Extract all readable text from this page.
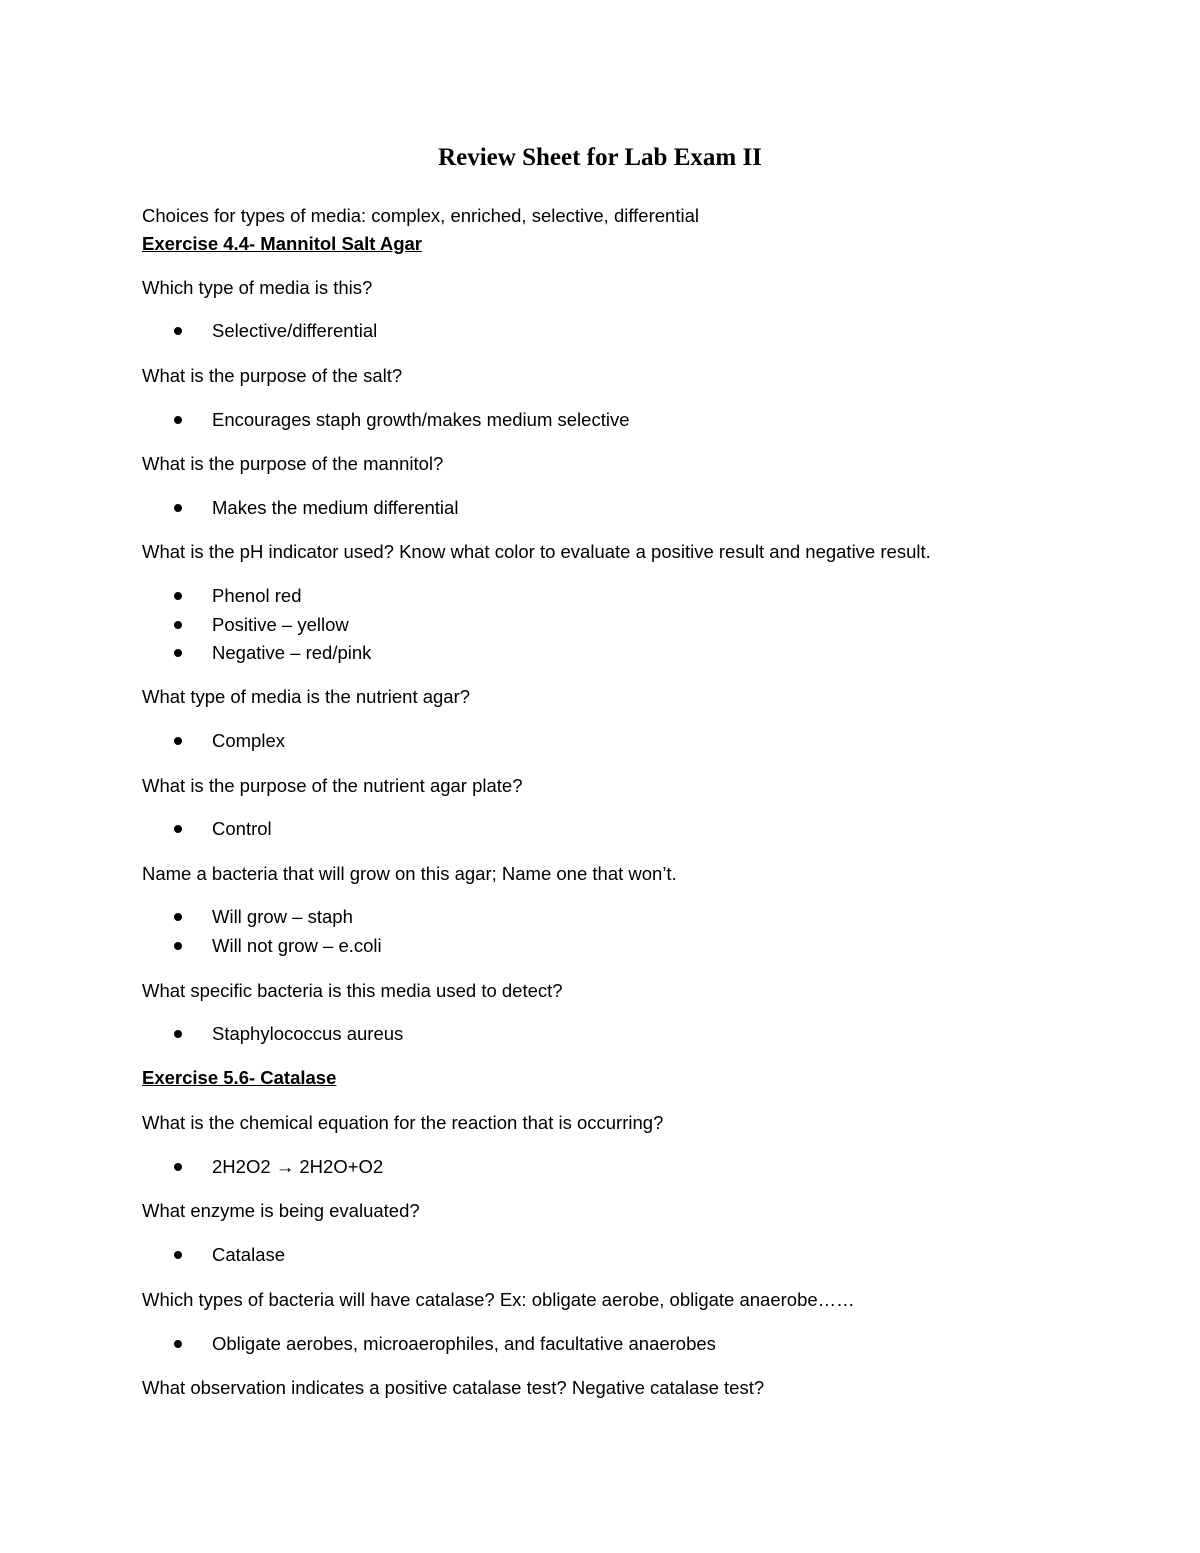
Review Sheet for Lab Exam II

Choices for types of media: complex, enriched, selective, differential

Exercise 4.4- Mannitol Salt Agar

Which type of media is this?

Selective/differential

What is the purpose of the salt?

Encourages staph growth/makes medium selective

What is the purpose of the mannitol?

Makes the medium differential

What is the pH indicator used? Know what color to evaluate a positive result and negative result.

Phenol red
Positive – yellow
Negative – red/pink

What type of media is the nutrient agar?

Complex

What is the purpose of the nutrient agar plate?

Control

Name a bacteria that will grow on this agar; Name one that won’t.

Will grow – staph
Will not grow – e.coli

What specific bacteria is this media used to detect?

Staphylococcus aureus

Exercise 5.6- Catalase

What is the chemical equation for the reaction that is occurring?

2H2O2 → 2H2O+O2

What enzyme is being evaluated?

Catalase

Which types of bacteria will have catalase? Ex: obligate aerobe, obligate anaerobe……

Obligate aerobes, microaerophiles, and facultative anaerobes

What observation indicates a positive catalase test? Negative catalase test?
